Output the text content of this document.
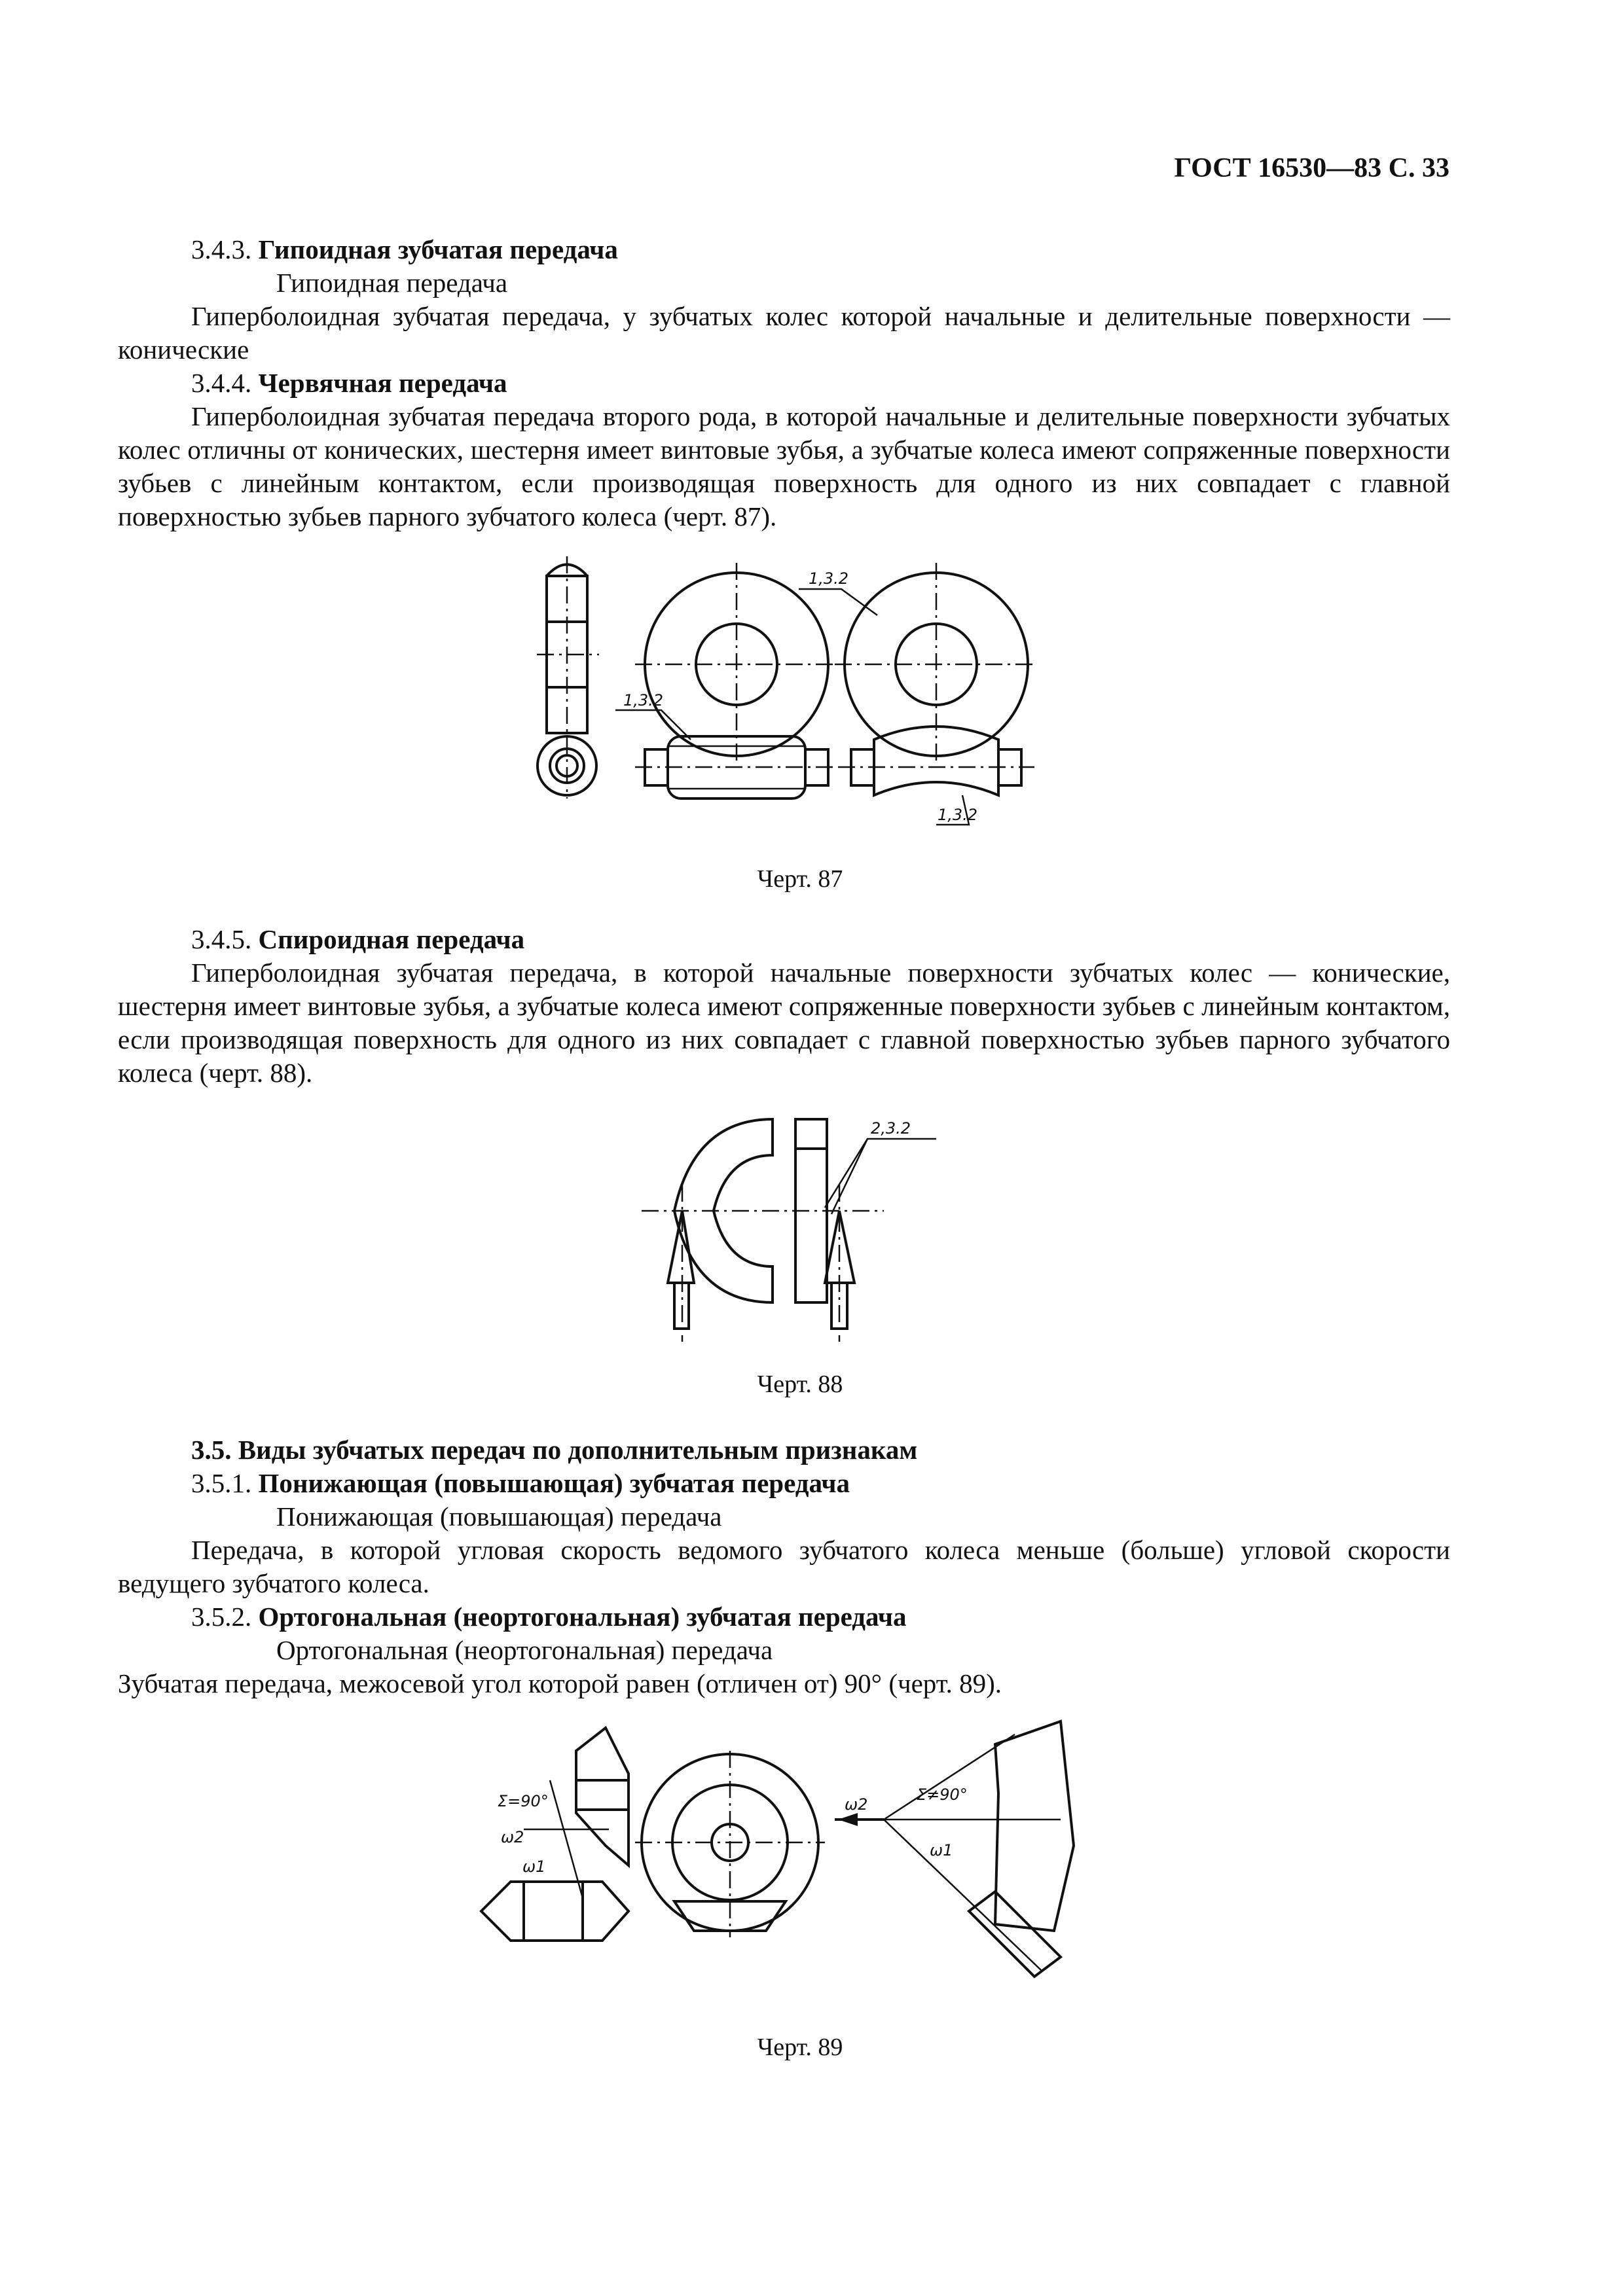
ГОСТ 16530—83 С. 33

3.4.3. Гипоидная зубчатая передача

Гипоидная передача

Гиперболоидная зубчатая передача, у зубчатых колес которой начальные и делительные поверхности — конические

3.4.4. Червячная передача

Гиперболоидная зубчатая передача второго рода, в которой начальные и делительные поверхности зубчатых колес отличны от конических, шестерня имеет винтовые зубья, а зубчатые колеса имеют сопряженные поверхности зубьев с линейным контактом, если производящая поверхность для одного из них совпадает с главной поверхностью зубьев парного зубчатого колеса (черт. 87).

1,3.2
1,3.2
1,3.2
Черт. 87

3.4.5. Спироидная передача

Гиперболоидная зубчатая передача, в которой начальные поверхности зубчатых колес — конические, шестерня имеет винтовые зубья, а зубчатые колеса имеют сопряженные поверхности зубьев с линейным контактом, если производящая поверхность для одного из них совпадает с главной поверхностью зубьев парного зубчатого колеса (черт. 88).

2,3.2
Черт. 88

3.5. Виды зубчатых передач по дополнительным признакам

3.5.1. Понижающая (повышающая) зубчатая передача

Понижающая (повышающая) передача

Передача, в которой угловая скорость ведомого зубчатого колеса меньше (больше) угловой скорости ведущего зубчатого колеса.

3.5.2. Ортогональная (неортогональная) зубчатая передача

Ортогональная (неортогональная) передача

Зубчатая передача, межосевой угол которой равен (отличен от) 90° (черт. 89).

Σ=90°
ω2
ω1
ω2
Σ≠90°
ω1
Черт. 89
